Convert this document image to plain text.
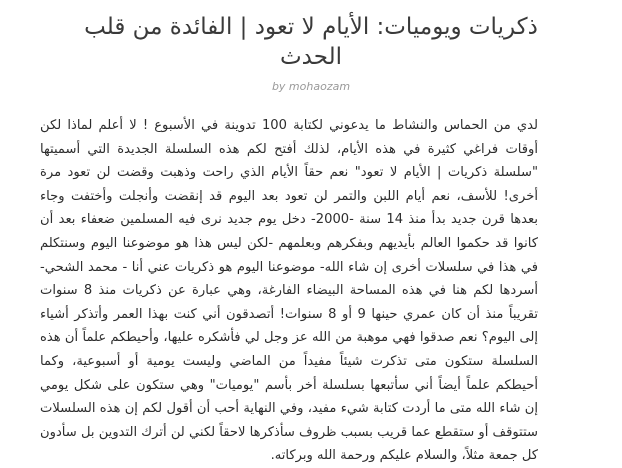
ذكريات ويوميات: الأيام لا تعود | الفائدة من قلب الحدث
by mohaozam

لدي من الحماس والنشاط ما يدعوني لكتابة 100 تدوينة في الأسبوع ! لا أعلم لماذا لكن أوقات فراغي كثيرة في هذه الأيام، لذلك أفتح لكم هذه السلسلة الجديدة التي أسميتها "سلسلة ذكريات | الأيام لا تعود" نعم حقاً الأيام الذي راحت وذهبت وقضت لن تعود مرة أخرى! للأسف، نعم أيام اللبن والتمر لن تعود بعد اليوم قد إنقضت وأنجلت وأختفت وجاء بعدها قرن جديد بدأ منذ 14 سنة -2000- دخل يوم جديد نرى فيه المسلمين ضعفاء بعد أن كانوا قد حكموا العالم بأيديهم وبفكرهم وبعلمهم -لكن ليس هذا هو موضوعنا اليوم وسنتكلم في هذا في سلسلات أخرى إن شاء الله- موضوعنا اليوم هو ذكريات عني أنا - محمد الشحي- أسردها لكم هنا في هذه المساحة البيضاء الفارغة، وهي عبارة عن ذكريات منذ 8 سنوات تقريباً منذ أن كان عمري حينها 9 أو 8 سنوات! أتصدقون أني كنت بهذا العمر وأتذكر أشياء إلى اليوم؟ نعم صدقوا فهي موهبة من الله عز وجل لي فأشكره عليها، وأحيطكم علماً أن هذه السلسلة ستكون متى تذكرت شيئاً مفيداً من الماضي وليست يومية أو أسبوعية، وكما أحيطكم علماً أيضاً أني سأتبعها بسلسلة أخر بأسم "يوميات" وهي ستكون على شكل يومي إن شاء الله متى ما أردت كتابة شيء مفيد، وفي النهاية أحب أن أقول لكم إن هذه السلسلات ستتوقف أو ستقطع عما قريب بسبب ظروف سأذكرها لاحقاً لكني لن أترك التدوين بل سأدون كل جمعة مثلاً، والسلام عليكم ورحمة الله وبركاته.
